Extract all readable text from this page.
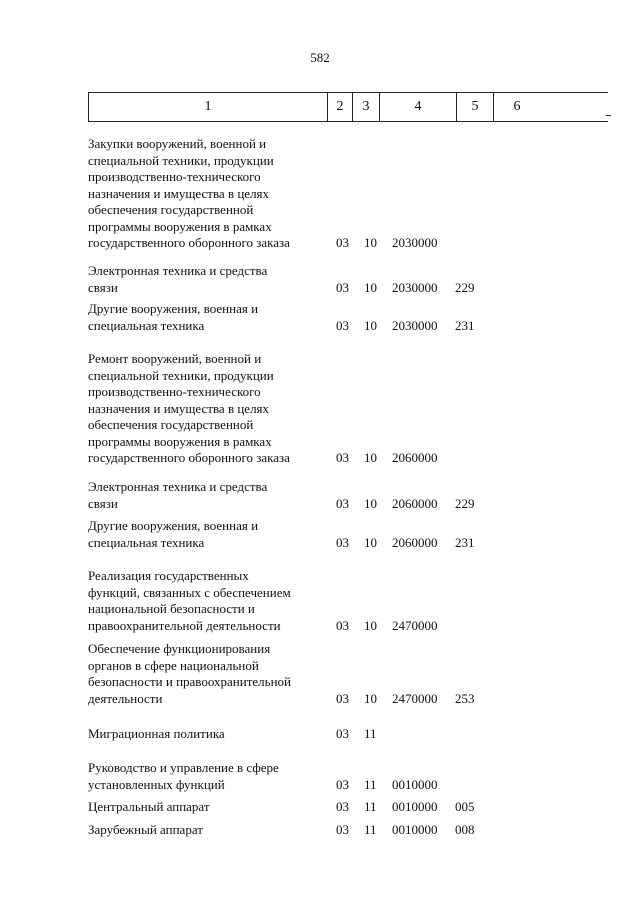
582
1	2	3	4	5	6
Закупки вооружений, военной и
специальной техники, продукции
производственно-технического
назначения и имущества в целях
обеспечения государственной
программы вооружения в рамках
государственного оборонного заказа	03	10	2030000
Электронная техника и средства
связи	03	10	2030000	229
Другие вооружения, военная и
специальная техника	03	10	2030000	231
Ремонт вооружений, военной и
специальной техники, продукции
производственно-технического
назначения и имущества в целях
обеспечения государственной
программы вооружения в рамках
государственного оборонного заказа	03	10	2060000
Электронная техника и средства
связи	03	10	2060000	229
Другие вооружения, военная и
специальная техника	03	10	2060000	231
Реализация государственных
функций, связанных с обеспечением
национальной безопасности и
правоохранительной деятельности	03	10	2470000
Обеспечение функционирования
органов в сфере национальной
безопасности и правоохранительной
деятельности	03	10	2470000	253
Миграционная политика	03	11
Руководство и управление в сфере
установленных функций	03	11	0010000
Центральный аппарат	03	11	0010000	005
Зарубежный аппарат	03	11	0010000	008
